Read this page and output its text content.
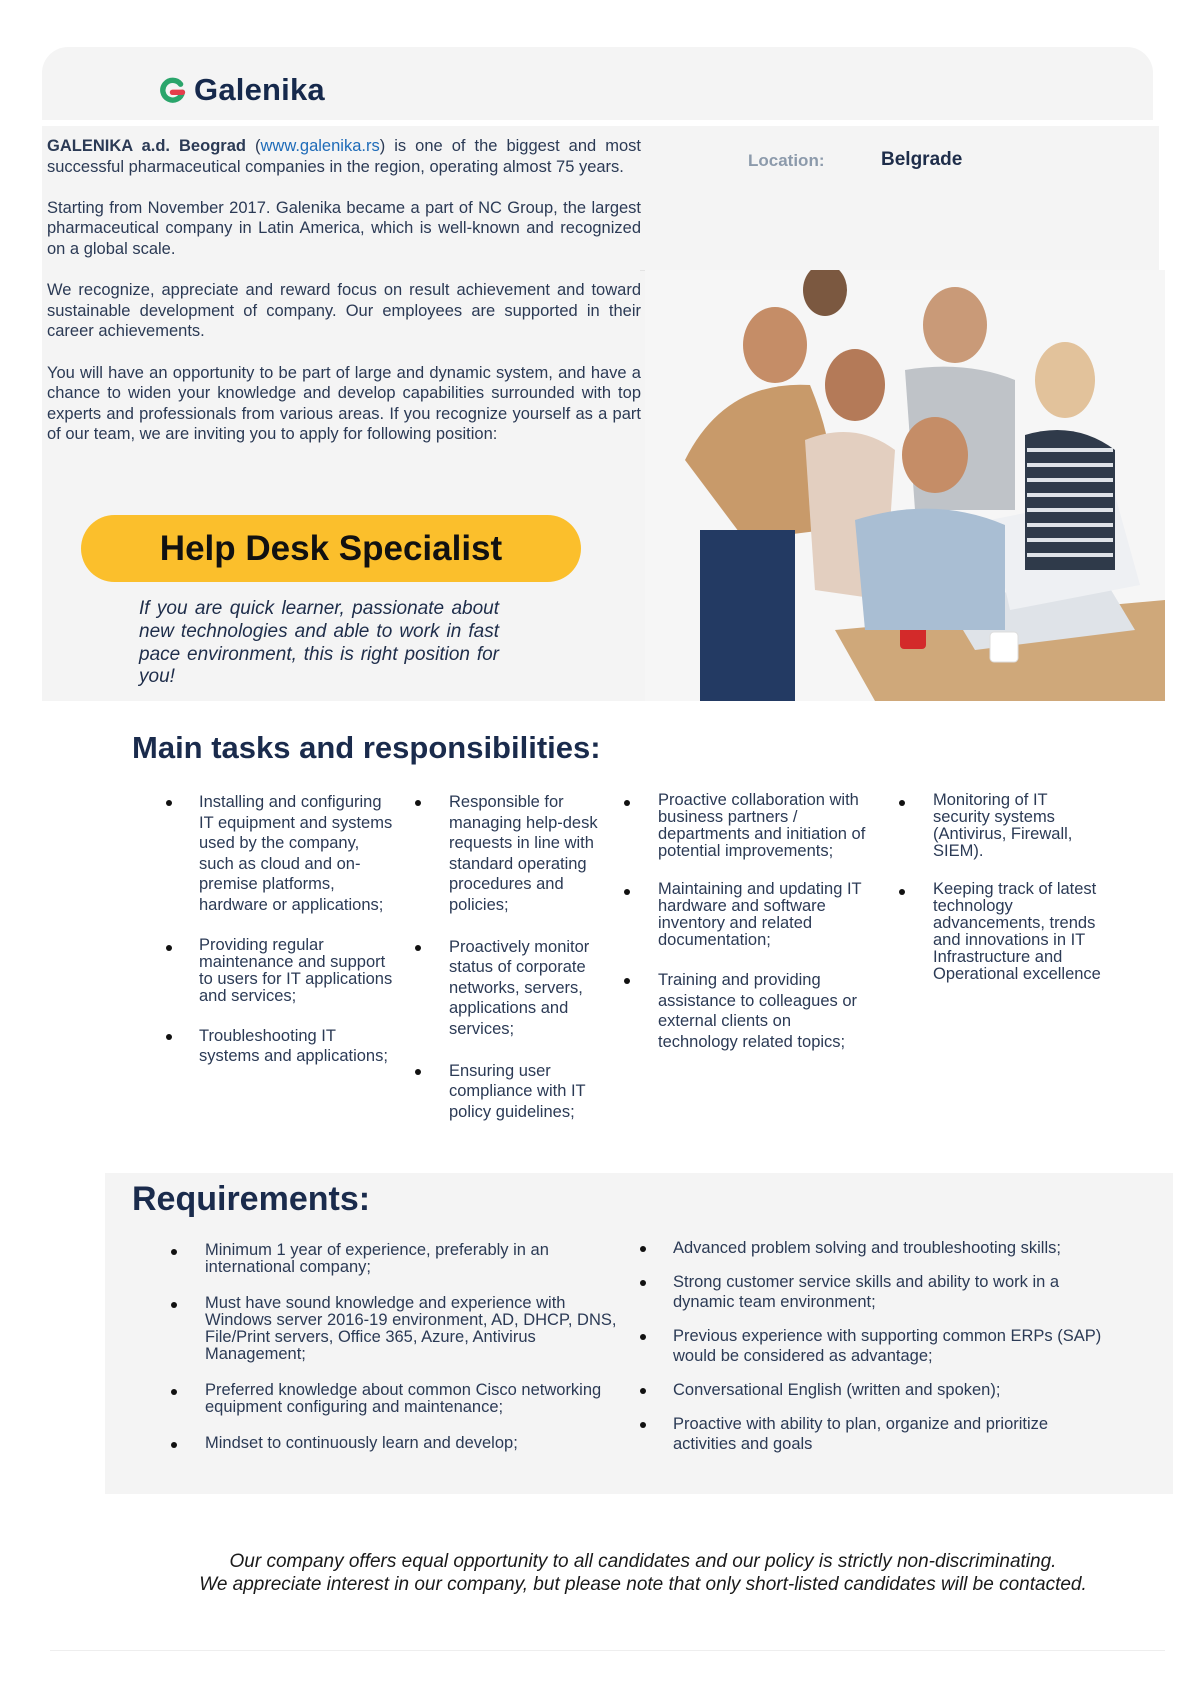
Galenika

GALENIKA a.d. Beograd (www.galenika.rs) is one of the biggest and most successful pharmaceutical companies in the region, operating almost 75 years.

Starting from November 2017. Galenika became a part of NC Group, the largest pharmaceutical company in Latin America, which is well-known and recognized on a global scale.

We recognize, appreciate and reward focus on result achievement and toward sustainable development of company. Our employees are supported in their career achievements.

You will have an opportunity to be part of large and dynamic system, and have a chance to widen your knowledge and develop capabilities surrounded with top experts and professionals from various areas. If you recognize yourself as a part of our team, we are inviting you to apply for following position:

Location:	Belgrade
Help Desk Specialist
If you are quick learner, passionate about new technologies and able to work in fast pace environment, this is right position for you!
Main tasks and responsibilities:
Installing and configuring IT equipment and systems used by the company, such as cloud and on-premise platforms, hardware or applications;
Providing regular maintenance and support to users for IT applications and services;
Troubleshooting IT systems and applications;
Responsible for managing help-desk requests in line with standard operating procedures and policies;
Proactively monitor status of corporate networks, servers, applications and services;
Ensuring user compliance with IT policy guidelines;
Proactive collaboration with business partners / departments and initiation of potential improvements;
Maintaining and updating IT hardware and software inventory and related documentation;
Training and providing assistance to colleagues or external clients on technology related topics;
Monitoring of IT security systems (Antivirus, Firewall, SIEM).
Keeping track of latest technology advancements, trends and innovations in IT Infrastructure and Operational excellence
Requirements:
Minimum 1 year of experience, preferably in an international company;
Must have sound knowledge and experience with Windows server 2016-19 environment, AD, DHCP, DNS, File/Print servers, Office 365, Azure, Antivirus Management;
Preferred knowledge about common Cisco networking equipment configuring and maintenance;
Mindset to continuously learn and develop;
Advanced problem solving and troubleshooting skills;
Strong customer service skills and ability to work in a dynamic team environment;
Previous experience with supporting common ERPs (SAP) would be considered as advantage;
Conversational English (written and spoken);
Proactive with ability to plan, organize and prioritize activities and goals
Our company offers equal opportunity to all candidates and our policy is strictly non-discriminating.
We appreciate interest in our company, but please note that only short-listed candidates will be contacted.
